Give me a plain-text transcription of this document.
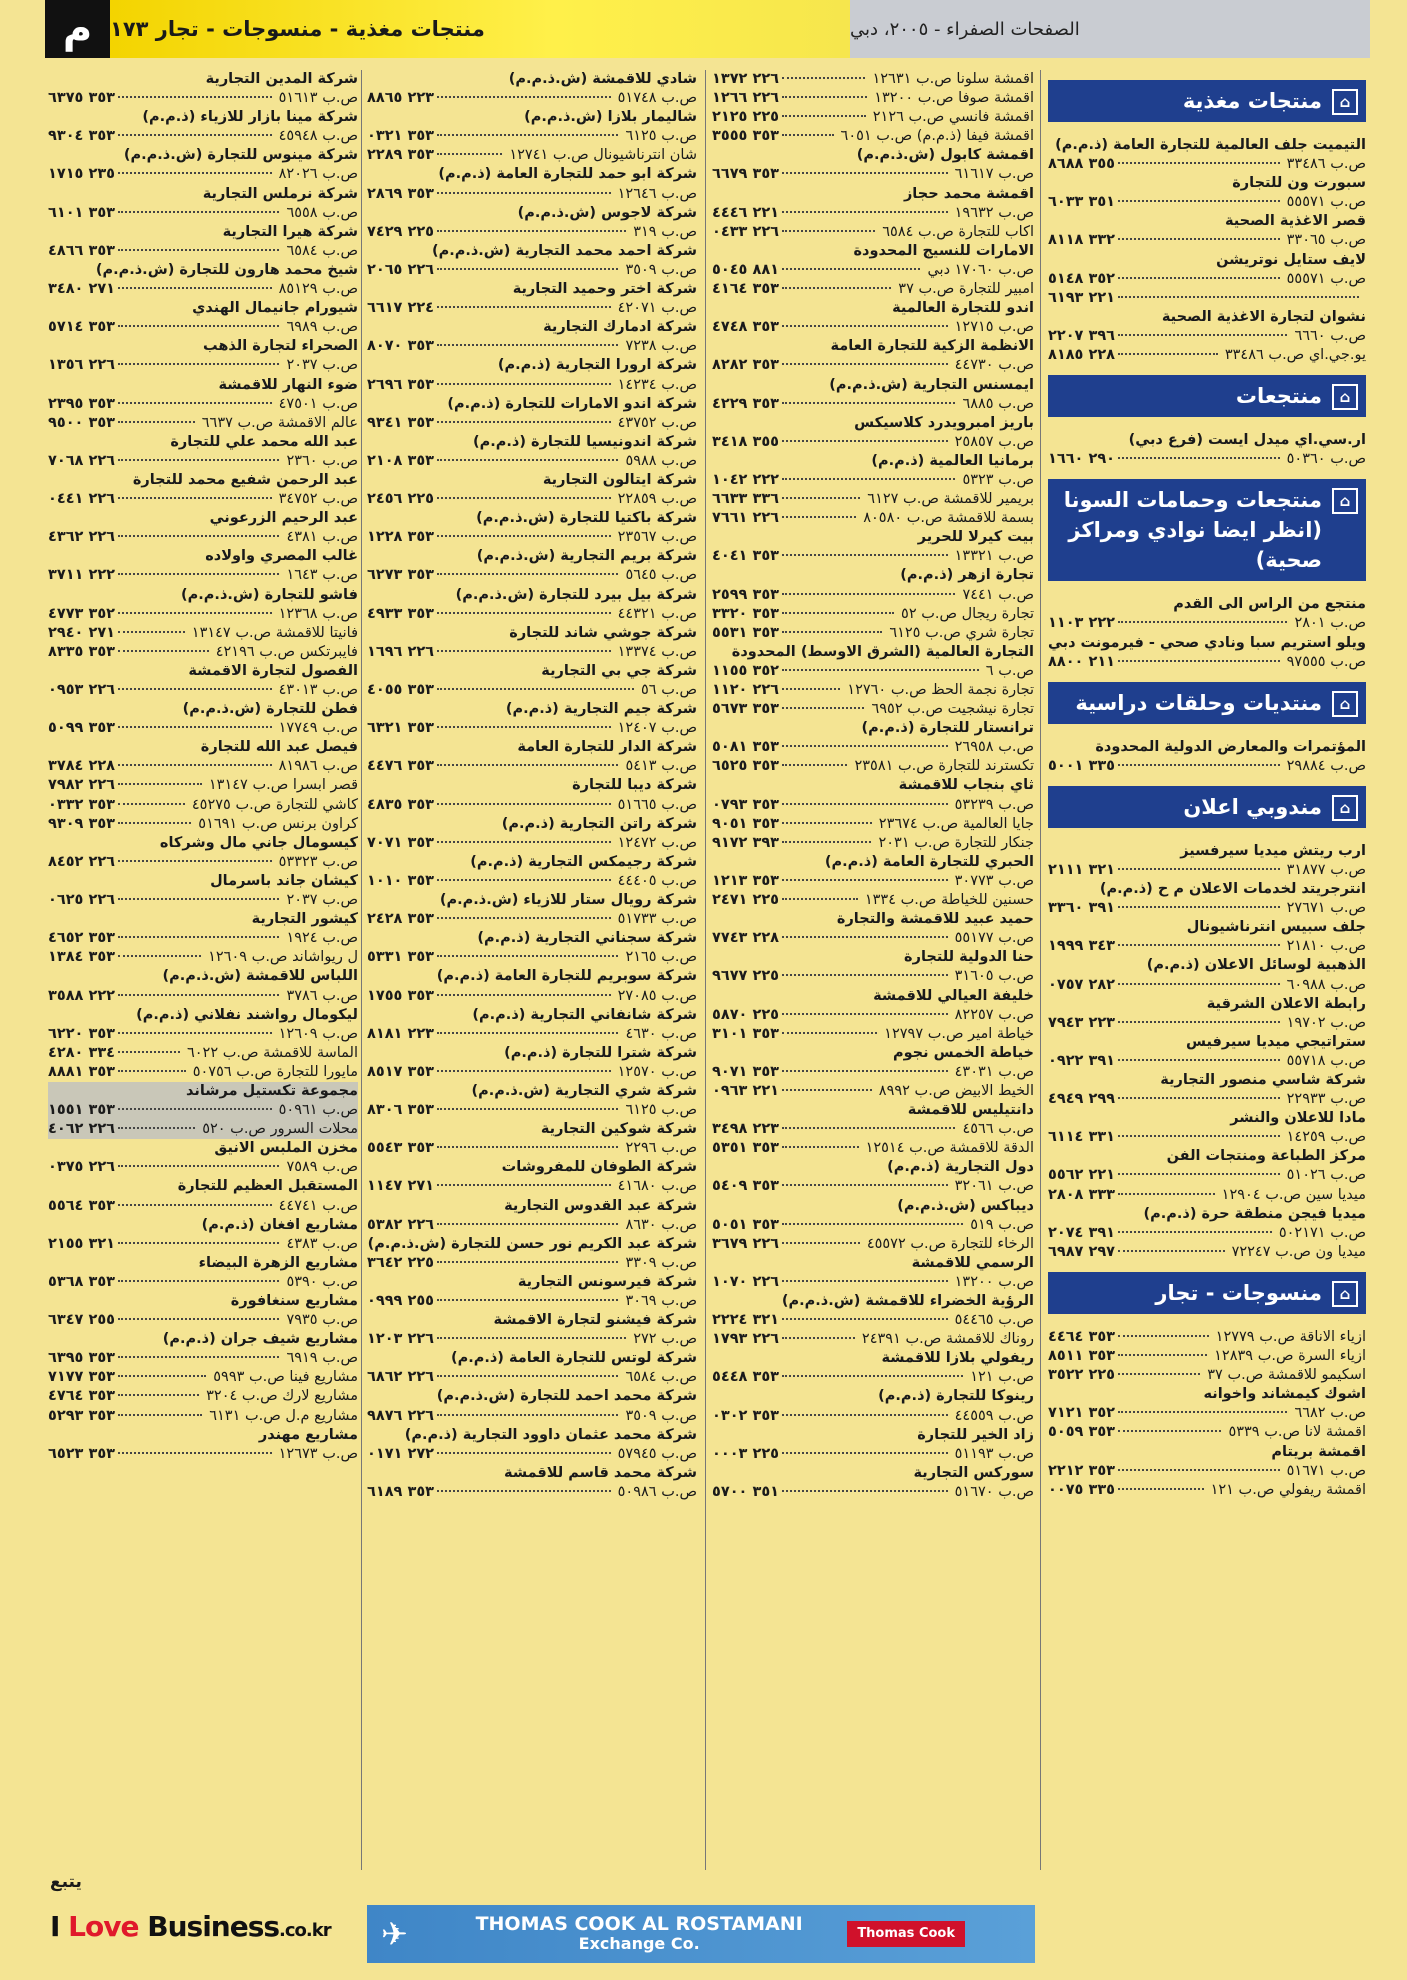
م منتجات مغذية - منسوجات - تجار ١٧٣	الصفحات الصفراء - ٢٠٠٥، دبي
⌂
منتجات مغذية
التيميت جلف العالمية للتجارة العامة (ذ.م.م)
ص.ب ٣٣٤٨٦
٣٥٥ ٨٦٨٨
سبورت ون للتجارة
ص.ب ٥٥٥٧١
٣٥١ ٦٠٣٣
قصر الاغذية الصحية
ص.ب ٣٣٠٦٥
٣٣٢ ٨١١٨
لايف ستايل نوتريشن
ص.ب ٥٥٥٧١
٣٥٢ ٥١٤٨
٢٢١ ٦١٩٣
نشوان لتجارة الاغذية الصحية
ص.ب ٦٦٦٠
٣٩٦ ٢٢٠٧
يو.جي.اي ص.ب ٣٣٤٨٦
٢٢٨ ٨١٨٥
⌂
منتجعات
ار.سي.اي ميدل ايست (فرع دبي)
ص.ب ٥٠٣٦٠
٢٩٠ ١٦٦٠
⌂
منتجعات وحمامات السونا (انظر ايضا نوادي ومراكز صحية)
منتجع من الراس الى القدم
ص.ب ٢٨٠١
٢٢٢ ١١٠٣
ويلو استريم سبا ونادي صحي - فيرمونت دبي
ص.ب ٩٧٥٥٥
٢١١ ٨٨٠٠
⌂
منتديات وحلقات دراسية
المؤتمرات والمعارض الدولية المحدودة
ص.ب ٢٩٨٨٤
٣٣٥ ٥٠٠١
⌂
مندوبي اعلان
ارب ريتش ميديا سيرفسيز
ص.ب ٣١٨٧٧
٣٢١ ٢١١١
انترجريتد لخدمات الاعلان م ح (ذ.م.م)
ص.ب ٢٧٦٧١
٣٩١ ٣٣٦٠
جلف سبيس انترناشيونال
ص.ب ٢١٨١٠
٣٤٣ ١٩٩٩
الذهبية لوسائل الاعلان (ذ.م.م)
ص.ب ٦٠٩٨٨
٢٨٢ ٠٧٥٧
رابطة الاعلان الشرقية
ص.ب ١٩٧٠٢
٢٢٣ ٧٩٤٣
ستراتيجي ميديا سيرفيس
ص.ب ٥٥٧١٨
٣٩١ ٠٩٢٢
شركة شاسي منصور التجارية
ص.ب ٢٢٩٣٣
٢٩٩ ٤٩٤٩
مادا للاعلان والنشر
ص.ب ١٤٢٥٩
٣٣١ ٦١١٤
مركز الطباعة ومنتجات الفن
ص.ب ٥١٠٢٦
٢٢١ ٥٥٦٢
ميديا سين ص.ب ١٢٩٠٤
٣٣٣ ٢٨٠٨
ميديا فيجن منطقة حرة (ذ.م.م)
ص.ب ٥٠٢١٧١
٣٩١ ٢٠٧٤
ميديا ون ص.ب ٧٢٢٤٧
٢٩٧ ٦٩٨٧
⌂
منسوجات - تجار
ازياء الاناقة ص.ب ١٢٧٧٩
٣٥٣ ٤٤٦٤
ازياء السرة ص.ب ١٢٨٣٩
٣٥٣ ٨٥١١
اسكيمو للاقمشة ص.ب ٣٧
٢٢٥ ٣٥٢٢
اشوك كيمشاند واخوانه
ص.ب ٦٦٨٢
٣٥٢ ٧١٢١
اقمشة لانا ص.ب ٥٣٣٩
٣٥٣ ٥٠٥٩
اقمشة بريتام
ص.ب ٥١٦٧١
٣٥٣ ٢٢١٢
اقمشة ريفولي ص.ب ١٢١
٣٣٥ ٠٠٧٥
اقمشة سلونا ص.ب ١٢٦٣١
٢٢٦ ١٣٧٢
اقمشة صوفا ص.ب ١٣٢٠٠
٢٢٦ ١٢٦٦
اقمشة فانسي ص.ب ٢١٢٦
٢٢٥ ٢١٢٥
اقمشة فيفا (ذ.م.م) ص.ب ٦٠٥١
٣٥٣ ٣٥٥٥
اقمشة كابول (ش.ذ.م.م)
ص.ب ٦١٦١٧
٣٥٣ ٦٦٧٩
اقمشة محمد حجاز
ص.ب ١٩٦٣٢
٢٢١ ٤٤٤٦
اكاب للتجارة ص.ب ٦٥٨٤
٢٢٦ ٠٤٣٣
الامارات للنسيج المحدودة
ص.ب ١٧٠٦٠ دبي
٨٨١ ٥٠٤٥
امبير للتجارة ص.ب ٣٧
٣٥٣ ٤١٦٤
اندو للتجارة العالمية
ص.ب ١٢٧١٥
٣٥٣ ٤٧٤٨
الانظمة الزكية للتجارة العامة
ص.ب ٤٤٧٣٠
٣٥٣ ٨٢٨٢
ايمسنس التجارية (ش.ذ.م.م)
ص.ب ٦٨٨٥
٣٥٣ ٤٢٢٩
باريز امبرويدرد كلاسيكس
ص.ب ٢٥٨٥٧
٣٥٥ ٣٤١٨
برمانيا العالمية (ذ.م.م)
ص.ب ٥٣٢٣
٢٢٢ ١٠٤٢
بريمير للاقمشة ص.ب ٦١٢٧
٣٣٦ ٦٦٣٣
بسمة للاقمشة ص.ب ٨٠٥٨٠
٢٢٦ ٧٦٦١
بيت كيرلا للحرير
ص.ب ١٣٣٢١
٣٥٣ ٤٠٤١
تجارة ازهر (ذ.م.م)
ص.ب ٧٤٤١
٣٥٣ ٢٥٩٩
تجارة ريجال ص.ب ٥٢
٣٥٣ ٣٣٢٠
تجارة شري ص.ب ٦١٢٥
٣٥٣ ٥٥٣١
التجارة العالمية (الشرق الاوسط) المحدودة
ص.ب ٦
٣٥٢ ١١٥٥
تجارة نجمة الحظ ص.ب ١٢٧٦٠
٢٢٦ ١١٢٠
تجارة نيشجيت ص.ب ٦٩٥٢
٣٥٣ ٥٦٧٣
ترانستار للتجارة (ذ.م.م)
ص.ب ٢٦٩٥٨
٣٥٣ ٥٠٨١
تكسترند للتجارة ص.ب ٢٣٥٨١
٣٥٣ ٦٥٢٥
ثاي بنجاب للاقمشة
ص.ب ٥٣٢٣٩
٣٥٣ ٠٧٩٣
جايا العالمية ص.ب ٢٣٦٧٤
٣٥٣ ٩٠٥١
جنكار للتجارة ص.ب ٢٠٣١
٣٩٣ ٩١٧٢
الحبري للتجارة العامة (ذ.م.م)
ص.ب ٣٠٧٧٣
٣٥٣ ١٢١٣
حسنين للخياطة ص.ب ١٣٣٤
٢٢٥ ٢٤٧١
حميد عبيد للاقمشة والتجارة
ص.ب ٥٥١٧٧
٢٢٨ ٧٧٤٣
حنا الدولية للتجارة
ص.ب ٣١٦٠٥
٢٢٥ ٩٦٧٧
خليفة العيالي للاقمشة
ص.ب ٨٢٢٥٧
٢٢٥ ٥٨٧٠
خياطة امير ص.ب ١٢٧٩٧
٣٥٣ ٣١٠١
خياطة الخمس نجوم
ص.ب ٤٣٠٣١
٣٥٣ ٩٠٧١
الخيط الابيض ص.ب ٨٩٩٢
٢٢١ ٠٩٦٣
دانتيليس للاقمشة
ص.ب ٤٥٦٦
٢٢٣ ٣٤٩٨
الدقة للاقمشة ص.ب ١٢٥١٤
٣٥٣ ٥٣٥١
دول التجارية (ذ.م.م)
ص.ب ٣٢٠٦١
٣٥٣ ٥٤٠٩
ديباكس (ش.ذ.م.م)
ص.ب ٥١٩
٣٥٣ ٥٠٥١
الرخاء للتجارة ص.ب ٤٥٥٧٢
٢٢٦ ٣٦٧٩
الرسمي للاقمشة
ص.ب ١٣٢٠٠
٢٢٦ ١٠٧٠
الرؤية الخضراء للاقمشة (ش.ذ.م.م)
ص.ب ٥٤٤٦٥
٣٢١ ٢٢٢٤
روناك للاقمشة ص.ب ٢٤٣٩١
٢٢٦ ١٧٩٣
ريفولي بلازا للاقمشة
ص.ب ١٢١
٣٥٣ ٥٤٤٨
رينوكا للتجارة (ذ.م.م)
ص.ب ٤٤٥٥٩
٣٥٣ ٠٣٠٢
زاد الخير للتجارة
ص.ب ٥١١٩٣
٢٢٥ ٠٠٠٣
سوركس التجارية
ص.ب ٥١٦٧٠
٣٥١ ٥٧٠٠
شادي للاقمشة (ش.ذ.م.م)
ص.ب ٥١٧٤٨
٢٢٣ ٨٨٦٥
شاليمار بلازا (ش.ذ.م.م)
ص.ب ٦١٢٥
٣٥٣ ٠٣٢١
شان انترناشيونال ص.ب ١٢٧٤١
٣٥٣ ٢٢٨٩
شركة ابو حمد للتجارة العامة (ذ.م.م)
ص.ب ١٢٦٤٦
٣٥٣ ٢٨٦٩
شركة لاجوس (ش.ذ.م.م)
ص.ب ٣١٩
٢٢٥ ٧٤٢٩
شركة احمد محمد التجارية (ش.ذ.م.م)
ص.ب ٣٥٠٩
٢٢٦ ٢٠٦٥
شركة اختر وحميد التجارية
ص.ب ٤٢٠٧١
٢٢٤ ٦٦١٧
شركة ادمارك التجارية
ص.ب ٧٢٣٨
٣٥٣ ٨٠٧٠
شركة ارورا التجارية (ذ.م.م)
ص.ب ١٤٢٣٤
٣٥٣ ٢٦٩٦
شركة اندو الامارات للتجارة (ذ.م.م)
ص.ب ٤٣٧٥٢
٣٥٣ ٩٣٤١
شركة اندونيسيا للتجارة (ذ.م.م)
ص.ب ٥٩٨٨
٣٥٣ ٢١٠٨
شركة ايتالون التجارية
ص.ب ٢٢٨٥٩
٢٢٥ ٢٤٥٦
شركة باكتيا للتجارة (ش.ذ.م.م)
ص.ب ٢٣٥٦٧
٣٥٣ ١٢٢٨
شركة بريم التجارية (ش.ذ.م.م)
ص.ب ٥٦٤٥
٣٥٣ ٦٢٧٣
شركة بيل بيرد للتجارة (ش.ذ.م.م)
ص.ب ٤٤٣٢١
٣٥٣ ٤٩٣٣
شركة جوشي شاند للتجارة
ص.ب ١٣٣٧٤
٢٢٦ ١٦٩٦
شركة جي بي التجارية
ص.ب ٥٦
٣٥٣ ٤٠٥٥
شركة جيم التجارية (ذ.م.م)
ص.ب ١٢٤٠٧
٣٥٣ ٦٣٢١
شركة الدار للتجارة العامة
ص.ب ٥٤١٣
٣٥٣ ٤٤٧٦
شركة ديبا للتجارة
ص.ب ٥١٦٦٥
٣٥٣ ٤٨٣٥
شركة راتن التجارية (ذ.م.م)
ص.ب ١٢٤٧٢
٣٥٣ ٧٠٧١
شركة رجيمكس التجارية (ذ.م.م)
ص.ب ٤٤٤٠٥
٣٥٣ ١٠١٠
شركة رويال ستار للازياء (ش.ذ.م.م)
ص.ب ٥١٧٣٣
٣٥٣ ٢٤٢٨
شركة سجناني التجارية (ذ.م.م)
ص.ب ٢١٦٥
٣٥٣ ٥٣٣١
شركة سوبريم للتجارة العامة (ذ.م.م)
ص.ب ٢٧٠٨٥
٣٥٣ ١٧٥٥
شركة شانفاني التجارية (ذ.م.م)
ص.ب ٤٦٣٠
٢٢٣ ٨١٨١
شركة شترا للتجارة (ذ.م.م)
ص.ب ١٢٥٧٠
٣٥٣ ٨٥١٧
شركة شري التجارية (ش.ذ.م.م)
ص.ب ٦١٢٥
٣٥٣ ٨٣٠٦
شركة شوكين التجارية
ص.ب ٢٢٩٦
٣٥٣ ٥٥٤٣
شركة الطوفان للمفروشات
ص.ب ٤١٦٨٠
٢٧١ ١١٤٧
شركة عبد القدوس التجارية
ص.ب ٨٦٣٠
٢٢٦ ٥٣٨٢
شركة عبد الكريم نور حسن للتجارة (ش.ذ.م.م)
ص.ب ٣٣٠٩
٢٢٥ ٣٦٤٢
شركة فيرسونس التجارية
ص.ب ٣٠٦٩
٢٥٥ ٠٩٩٩
شركة فيشنو لتجارة الاقمشة
ص.ب ٢٧٢
٢٢٦ ١٢٠٣
شركة لوتس للتجارة العامة (ذ.م.م)
ص.ب ٦٥٨٤
٢٢٦ ٦٨٦٢
شركة محمد احمد للتجارة (ش.ذ.م.م)
ص.ب ٣٥٠٩
٢٢٦ ٩٨٧٦
شركة محمد عثمان داوود التجارية (ذ.م.م)
ص.ب ٥٧٩٤٥
٢٧٢ ٠١٧١
شركة محمد قاسم للاقمشة
ص.ب ٥٠٩٨٦
٣٥٣ ٦١٨٩
شركة المدين التجارية
ص.ب ٥١٦١٣
٣٥٣ ٦٣٧٥
شركة مينا بازار للازياء (ذ.م.م)
ص.ب ٤٥٩٤٨
٣٥٣ ٩٣٠٤
شركة مينوس للتجارة (ش.ذ.م.م)
ص.ب ٨٢٠٢٦
٢٣٥ ١٧١٥
شركة نرملس التجارية
ص.ب ٦٥٥٨
٣٥٣ ٦١٠١
شركة هيرا التجارية
ص.ب ٦٥٨٤
٣٥٣ ٤٨٦٦
شيخ محمد هارون للتجارة (ش.ذ.م.م)
ص.ب ٨٥١٢٩
٢٧١ ٣٤٨٠
شيورام جانيمال الهندي
ص.ب ٦٩٨٩
٣٥٣ ٥٧١٤
الصحراء لتجارة الذهب
ص.ب ٢٠٣٧
٢٢٦ ١٣٥٦
ضوء النهار للاقمشة
ص.ب ٤٧٥٠١
٣٥٣ ٢٣٩٥
عالم الاقمشة ص.ب ٦٦٣٧
٣٥٣ ٩٥٠٠
عبد الله محمد علي للتجارة
ص.ب ٢٣٦٠
٢٢٦ ٧٠٦٨
عبد الرحمن شفيع محمد للتجارة
ص.ب ٣٤٧٥٢
٢٢٦ ٠٤٤١
عبد الرحيم الزرعوني
ص.ب ٤٣٨١
٢٢٦ ٤٣٦٢
غالب المصري واولاده
ص.ب ١٦٤٣
٢٢٢ ٣٧١١
فاشو للتجارة (ش.ذ.م.م)
ص.ب ١٢٣٦٨
٣٥٢ ٤٧٧٣
فانيتا للاقمشة ص.ب ١٣١٤٧
٢٧١ ٢٩٤٠
فايبرتكس ص.ب ٤٢١٩٦
٣٥٣ ٨٣٣٥
الفصول لتجارة الاقمشة
ص.ب ٤٣٠١٣
٢٢٦ ٠٩٥٣
فطن للتجارة (ش.ذ.م.م)
ص.ب ١٧٧٤٩
٣٥٣ ٥٠٩٩
فيصل عبد الله للتجارة
ص.ب ٨١٩٨٦
٢٢٨ ٣٧٨٤
قصر ابسرا ص.ب ١٣١٤٧
٢٢٦ ٧٩٨٢
كاشي للتجارة ص.ب ٤٥٢٧٥
٣٥٣ ٠٣٣٢
كراون برنس ص.ب ٥١٦٩١
٣٥٣ ٩٣٠٩
كيسومال جاني مال وشركاه
ص.ب ٥٣٣٢٣
٢٢٦ ٨٤٥٢
كيشان جاند باسرمال
ص.ب ٢٠٣٧
٢٢٦ ٠٦٢٥
كيشور التجارية
ص.ب ١٩٢٤
٣٥٣ ٤٦٥٢
ل ريواشاند ص.ب ١٢٦٠٩
٣٥٣ ١٣٨٤
اللباس للاقمشة (ش.ذ.م.م)
ص.ب ٣٧٨٦
٢٢٢ ٣٥٨٨
ليكومال رواشند نفلاني (ذ.م.م)
ص.ب ١٢٦٠٩
٣٥٣ ٦٢٢٠
الماسة للاقمشة ص.ب ٦٠٢٢
٣٣٤ ٤٢٨٠
مايورا للتجارة ص.ب ٥٠٧٥٦
٣٥٣ ٨٨٨١
مجموعة تكستيل مرشاند
ص.ب ٥٠٩٦١
٣٥٣ ١٥٥١
محلات السرور ص.ب ٥٢٠
٢٢٦ ٤٠٦٢
مخزن الملبس الانيق
ص.ب ٧٥٨٩
٢٢٦ ٠٣٧٥
المستقبل العظيم للتجارة
ص.ب ٤٤٧٤١
٣٥٣ ٥٥٦٤
مشاريع افغان (ذ.م.م)
ص.ب ٤٣٨٣
٣٢١ ٢١٥٥
مشاريع الزهرة البيضاء
ص.ب ٥٣٩٠
٣٥٣ ٥٣٦٨
مشاريع سنغافورة
ص.ب ٧٩٣٥
٢٥٥ ٦٣٤٧
مشاريع شيف جران (ذ.م.م)
ص.ب ٦٩١٩
٣٥٣ ٦٣٩٥
مشاريع فينا ص.ب ٥٩٩٣
٣٥٣ ٧١٧٧
مشاريع لارك ص.ب ٣٢٠٤
٣٥٣ ٤٧٦٤
مشاريع م.ل ص.ب ٦١٣١
٣٥٣ ٥٢٩٣
مشاريع مهندر
ص.ب ١٢٦٧٣
٣٥٣ ٦٥٢٣
يتبع
I Love Business.co.kr ✈	THOMAS COOK AL ROSTAMANI
Exchange Co.
Thomas Cook
